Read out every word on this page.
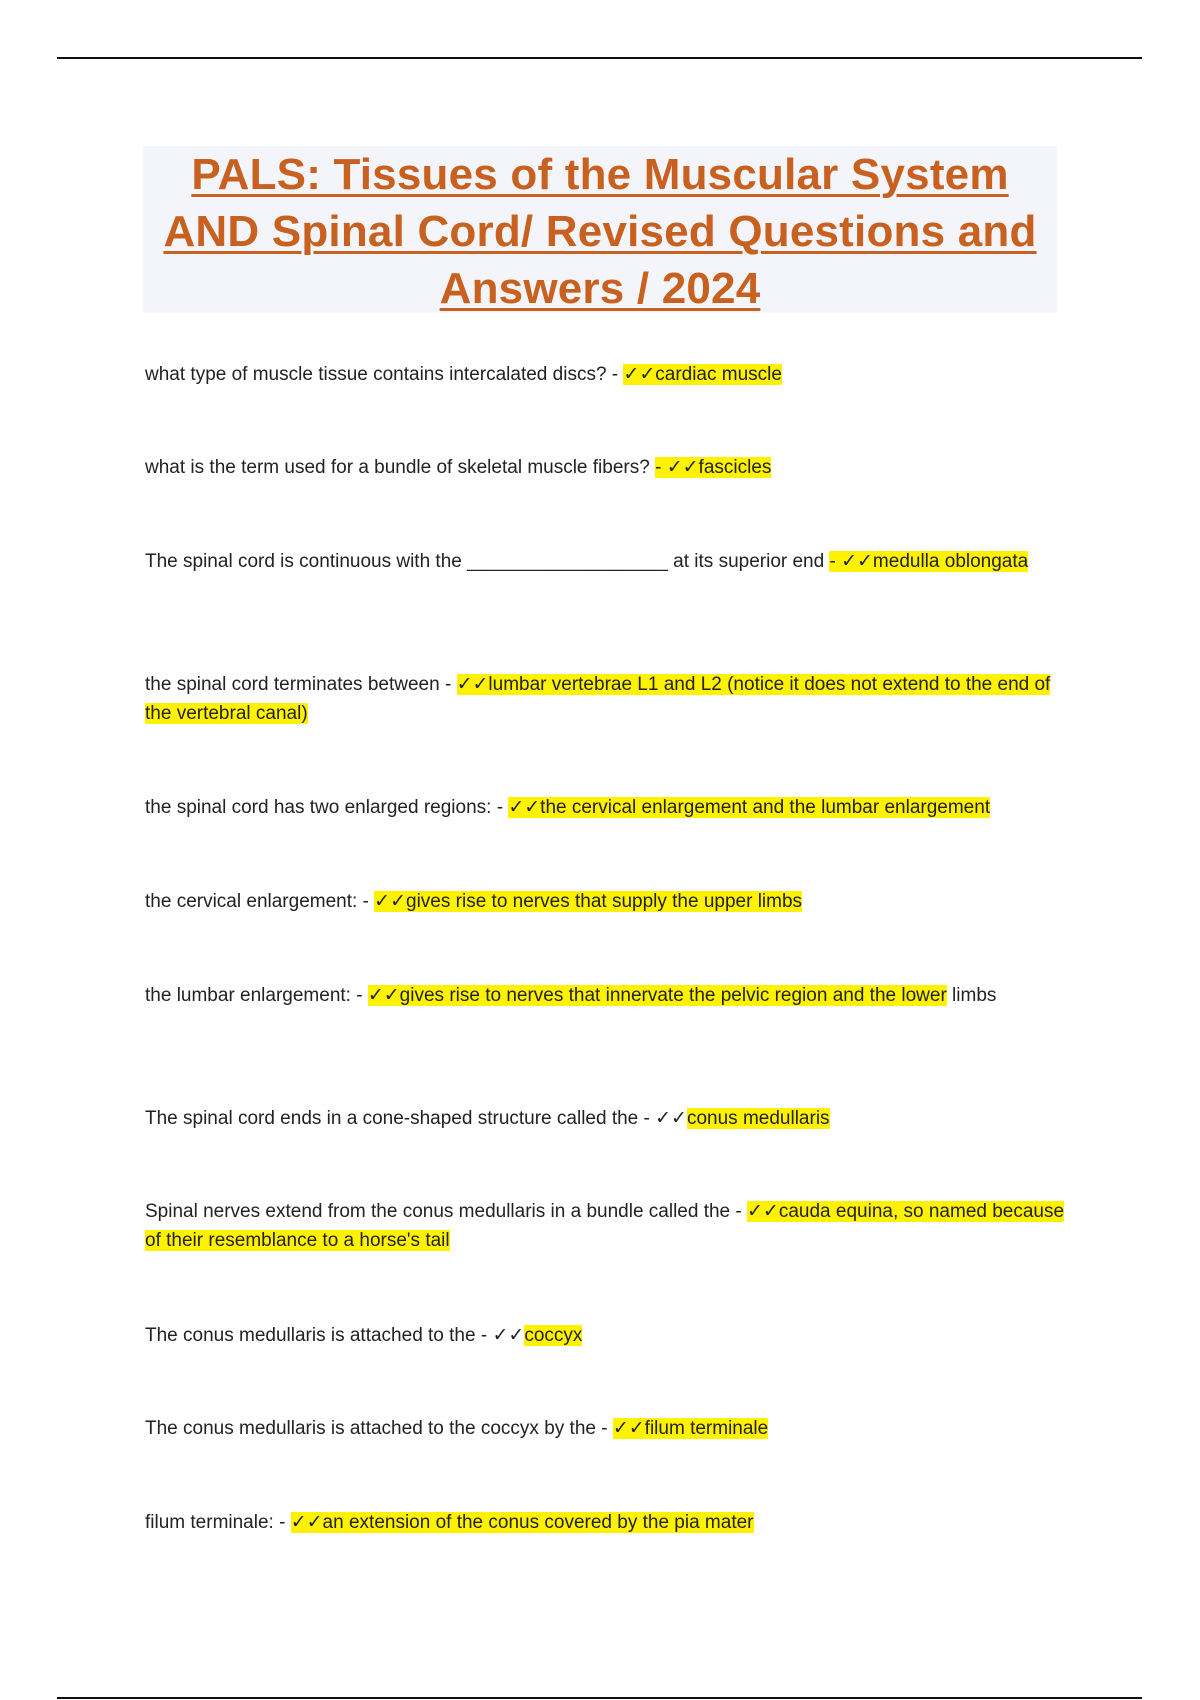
PALS: Tissues of the Muscular System AND Spinal Cord/ Revised Questions and Answers / 2024

what type of muscle tissue contains intercalated discs? - ✓✓cardiac muscle

what is the term used for a bundle of skeletal muscle fibers? - ✓✓fascicles

The spinal cord is continuous with the ___________________ at its superior end - ✓✓medulla oblongata

the spinal cord terminates between - ✓✓lumbar vertebrae L1 and L2 (notice it does not extend to the end of the vertebral canal)

the spinal cord has two enlarged regions: - ✓✓the cervical enlargement and the lumbar enlargement

the cervical enlargement: - ✓✓gives rise to nerves that supply the upper limbs

the lumbar enlargement: - ✓✓gives rise to nerves that innervate the pelvic region and the lower limbs

The spinal cord ends in a cone-shaped structure called the - ✓✓conus medullaris

Spinal nerves extend from the conus medullaris in a bundle called the - ✓✓cauda equina, so named because of their resemblance to a horse's tail

The conus medullaris is attached to the - ✓✓coccyx

The conus medullaris is attached to the coccyx by the - ✓✓filum terminale

filum terminale: - ✓✓an extension of the conus covered by the pia mater
